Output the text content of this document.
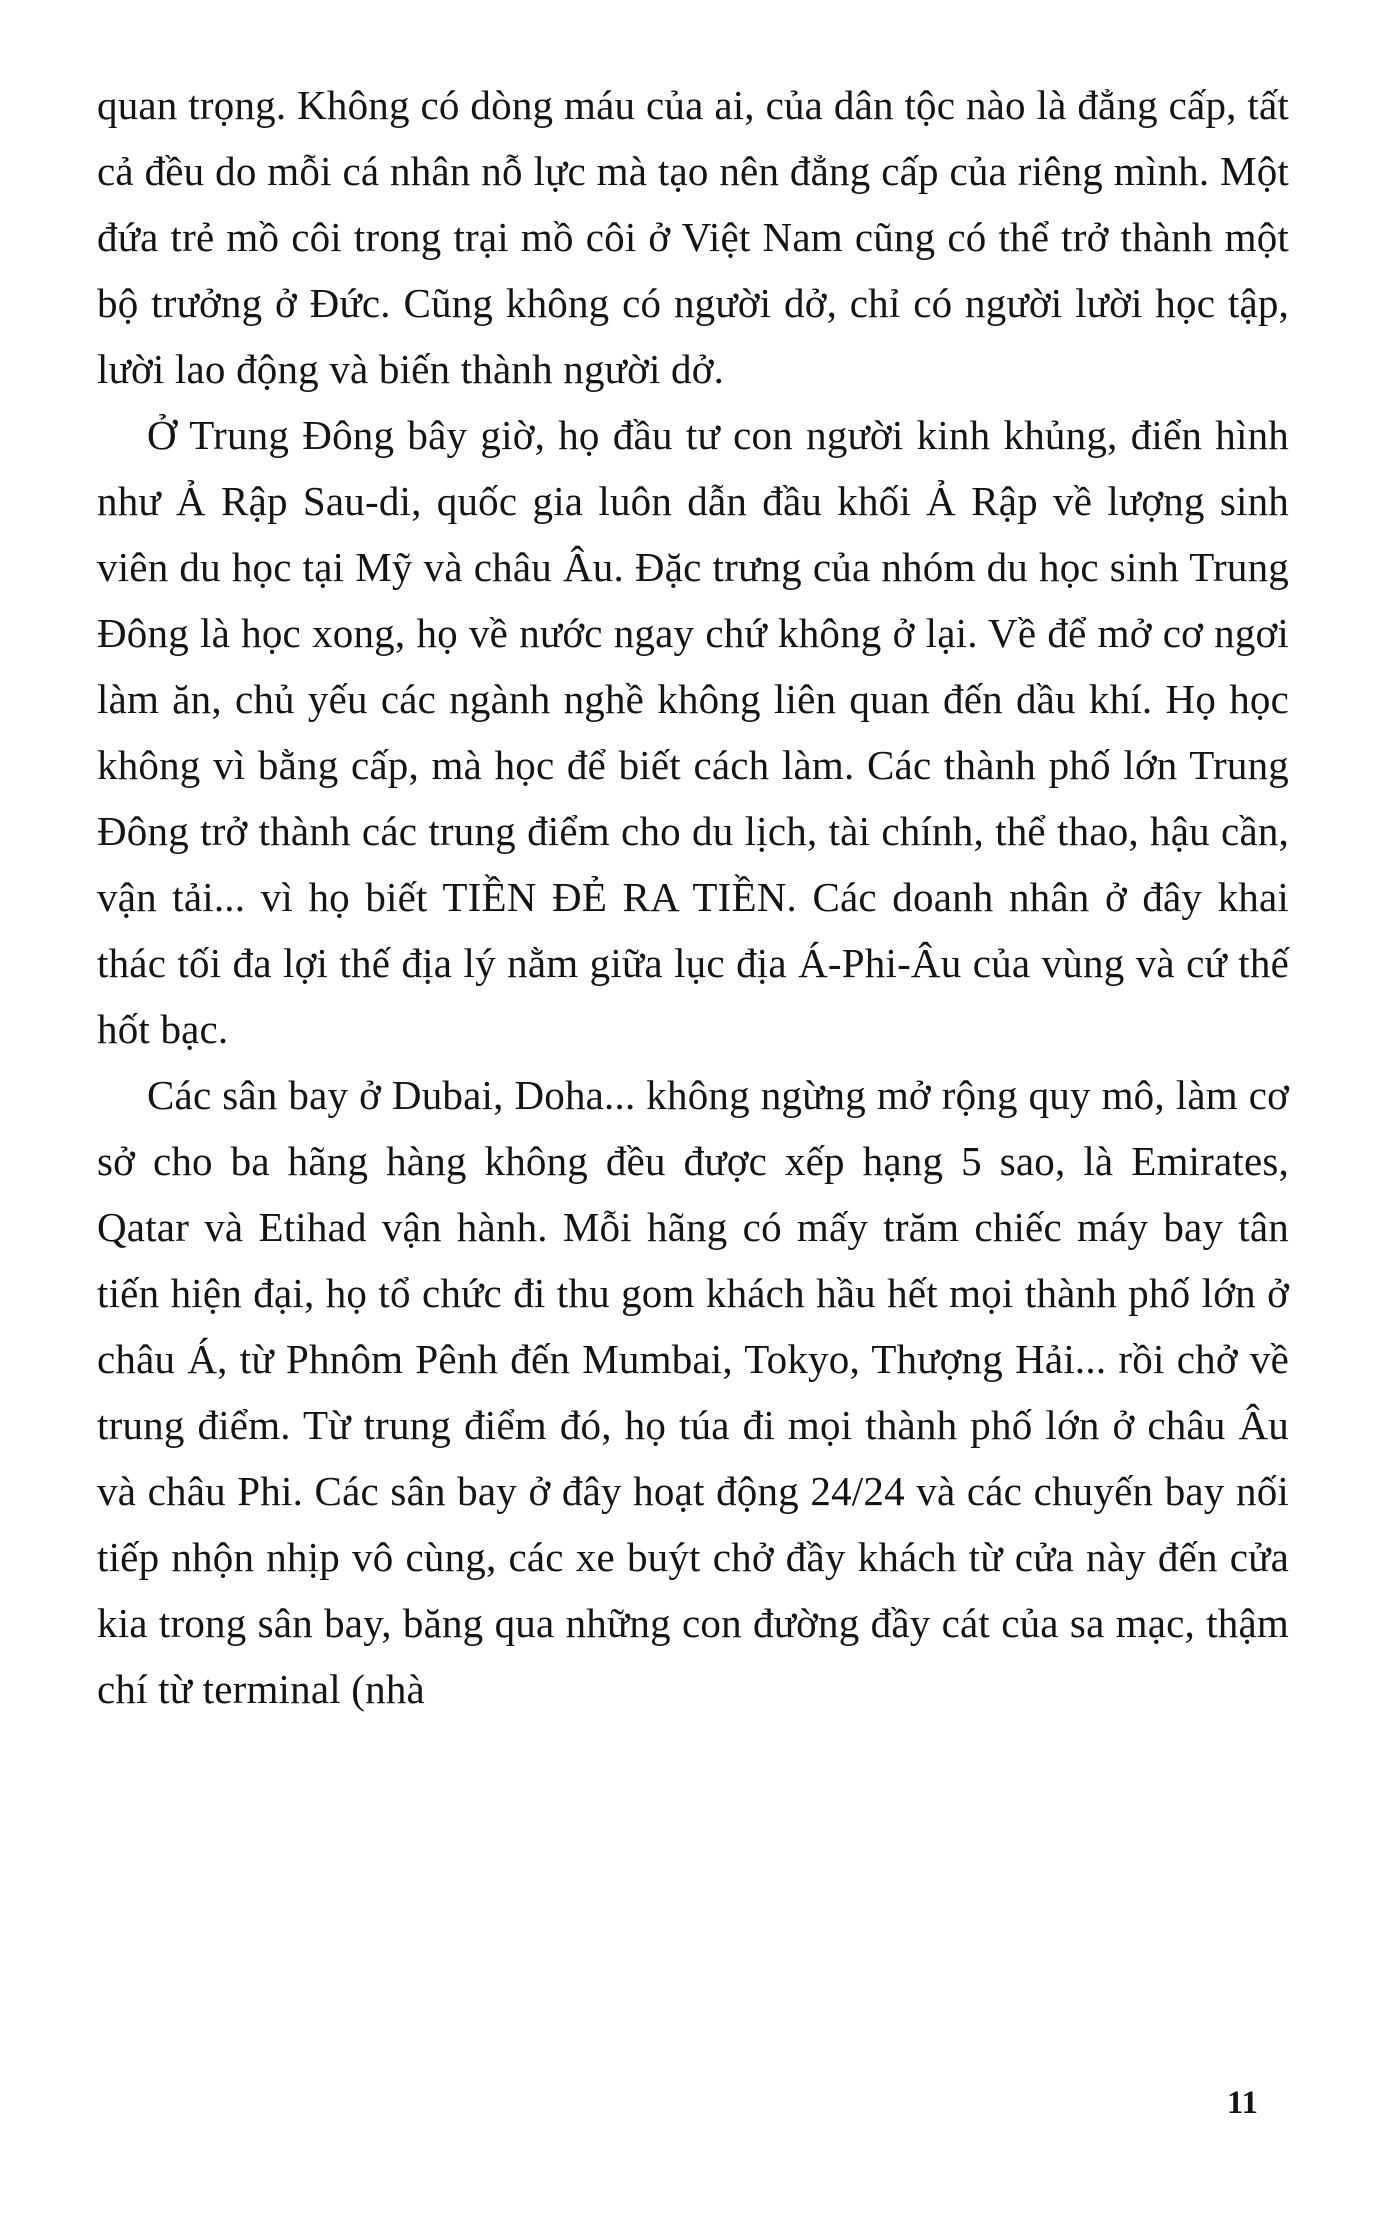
quan trọng. Không có dòng máu của ai, của dân tộc nào là đẳng cấp, tất cả đều do mỗi cá nhân nỗ lực mà tạo nên đẳng cấp của riêng mình. Một đứa trẻ mồ côi trong trại mồ côi ở Việt Nam cũng có thể trở thành một bộ trưởng ở Đức. Cũng không có người dở, chỉ có người lười học tập, lười lao động và biến thành người dở.

Ở Trung Đông bây giờ, họ đầu tư con người kinh khủng, điển hình như Ả Rập Sau-di, quốc gia luôn dẫn đầu khối Ả Rập về lượng sinh viên du học tại Mỹ và châu Âu. Đặc trưng của nhóm du học sinh Trung Đông là học xong, họ về nước ngay chứ không ở lại. Về để mở cơ ngơi làm ăn, chủ yếu các ngành nghề không liên quan đến dầu khí. Họ học không vì bằng cấp, mà học để biết cách làm. Các thành phố lớn Trung Đông trở thành các trung điểm cho du lịch, tài chính, thể thao, hậu cần, vận tải... vì họ biết TIỀN ĐẺ RA TIỀN. Các doanh nhân ở đây khai thác tối đa lợi thế địa lý nằm giữa lục địa Á-Phi-Âu của vùng và cứ thế hốt bạc.

Các sân bay ở Dubai, Doha... không ngừng mở rộng quy mô, làm cơ sở cho ba hãng hàng không đều được xếp hạng 5 sao, là Emirates, Qatar và Etihad vận hành. Mỗi hãng có mấy trăm chiếc máy bay tân tiến hiện đại, họ tổ chức đi thu gom khách hầu hết mọi thành phố lớn ở châu Á, từ Phnôm Pênh đến Mumbai, Tokyo, Thượng Hải... rồi chở về trung điểm. Từ trung điểm đó, họ túa đi mọi thành phố lớn ở châu Âu và châu Phi. Các sân bay ở đây hoạt động 24/24 và các chuyến bay nối tiếp nhộn nhịp vô cùng, các xe buýt chở đầy khách từ cửa này đến cửa kia trong sân bay, băng qua những con đường đầy cát của sa mạc, thậm chí từ terminal (nhà

11
